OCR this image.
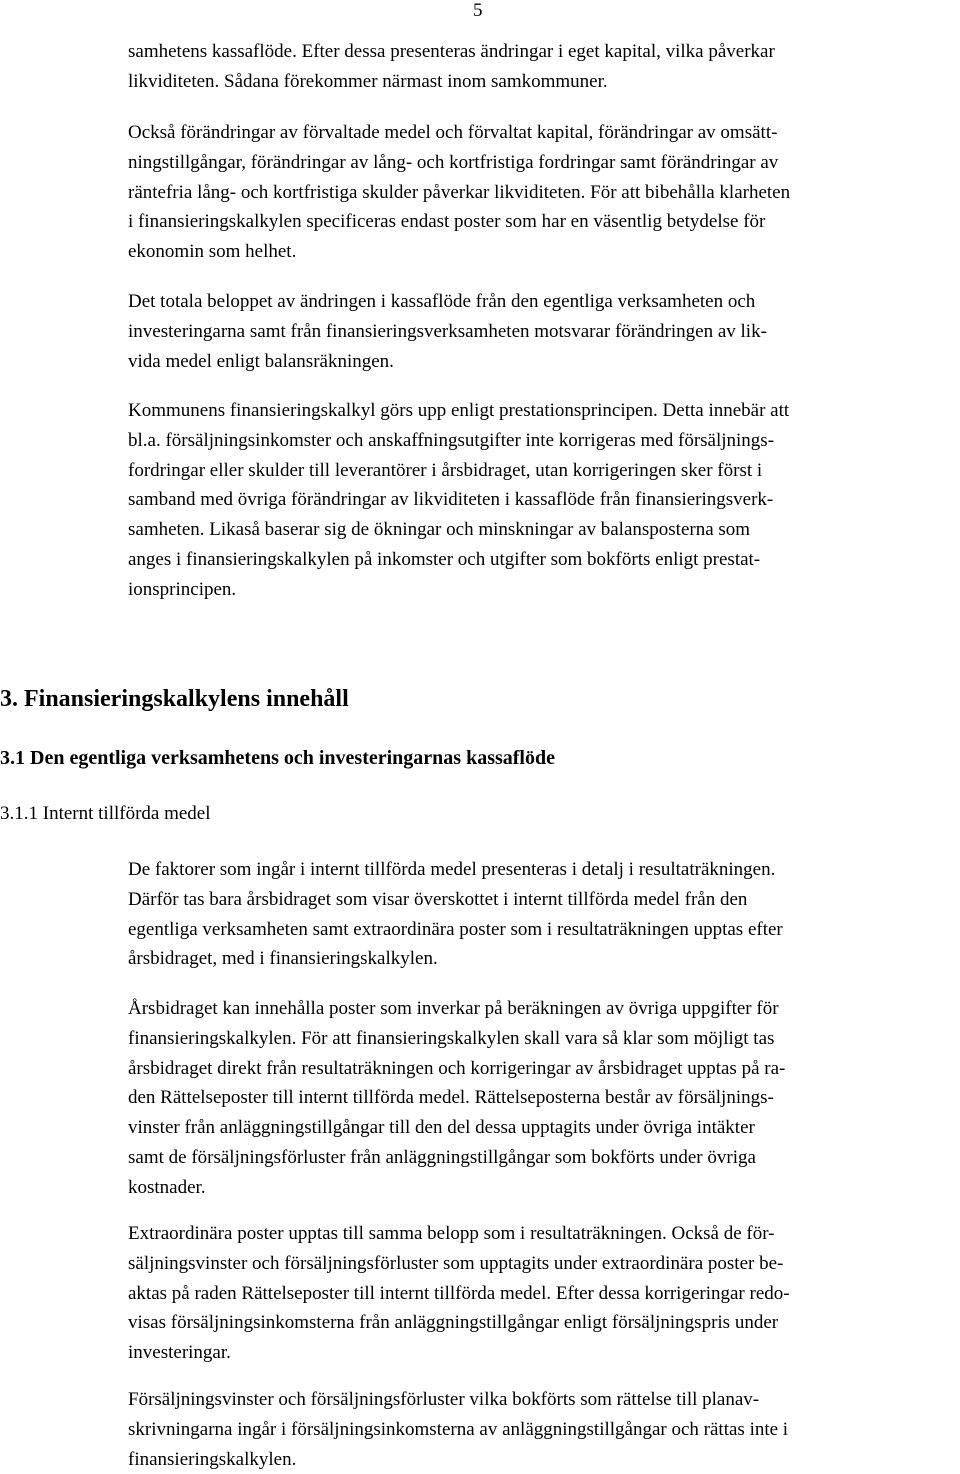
5

samhetens kassaflöde. Efter dessa presenteras ändringar i eget kapital, vilka påverkar
likviditeten. Sådana förekommer närmast inom samkommuner.

Också förändringar av förvaltade medel och förvaltat kapital, förändringar av omsätt-
ningstillgångar, förändringar av lång- och kortfristiga fordringar samt förändringar av
räntefria lång- och kortfristiga skulder påverkar likviditeten. För att bibehålla klarheten
i finansieringskalkylen specificeras endast poster som har en väsentlig betydelse för
ekonomin som helhet.

Det totala beloppet av ändringen i kassaflöde från den egentliga verksamheten och
investeringarna samt från finansieringsverksamheten motsvarar förändringen av lik-
vida medel enligt balansräkningen.

Kommunens finansieringskalkyl görs upp enligt prestationsprincipen. Detta innebär att
bl.a. försäljningsinkomster och anskaffningsutgifter inte korrigeras med försäljnings-
fordringar eller skulder till leverantörer i årsbidraget, utan korrigeringen sker först i
samband med övriga förändringar av likviditeten i kassaflöde från finansieringsverk-
samheten. Likaså baserar sig de ökningar och minskningar av balansposterna som
anges i finansieringskalkylen på inkomster och utgifter som bokförts enligt prestat-
ionsprincipen.

3. Finansieringskalkylens innehåll
3.1 Den egentliga verksamhetens och investeringarnas kassaflöde
3.1.1 Internt tillförda medel

De faktorer som ingår i internt tillförda medel presenteras i detalj i resultaträkningen.
Därför tas bara årsbidraget som visar överskottet i internt tillförda medel från den
egentliga verksamheten samt extraordinära poster som i resultaträkningen upptas efter
årsbidraget, med i finansieringskalkylen.

Årsbidraget kan innehålla poster som inverkar på beräkningen av övriga uppgifter för
finansieringskalkylen. För att finansieringskalkylen skall vara så klar som möjligt tas
årsbidraget direkt från resultaträkningen och korrigeringar av årsbidraget upptas på ra-
den Rättelseposter till internt tillförda medel. Rättelseposterna består av försäljnings-
vinster från anläggningstillgångar till den del dessa upptagits under övriga intäkter
samt de försäljningsförluster från anläggningstillgångar som bokförts under övriga
kostnader.

Extraordinära poster upptas till samma belopp som i resultaträkningen. Också de för-
säljningsvinster och försäljningsförluster som upptagits under extraordinära poster be-
aktas på raden Rättelseposter till internt tillförda medel. Efter dessa korrigeringar redo-
visas försäljningsinkomsterna från anläggningstillgångar enligt försäljningspris under
investeringar.

Försäljningsvinster och försäljningsförluster vilka bokförts som rättelse till planav-
skrivningarna ingår i försäljningsinkomsterna av anläggningstillgångar och rättas inte i
finansieringskalkylen.
